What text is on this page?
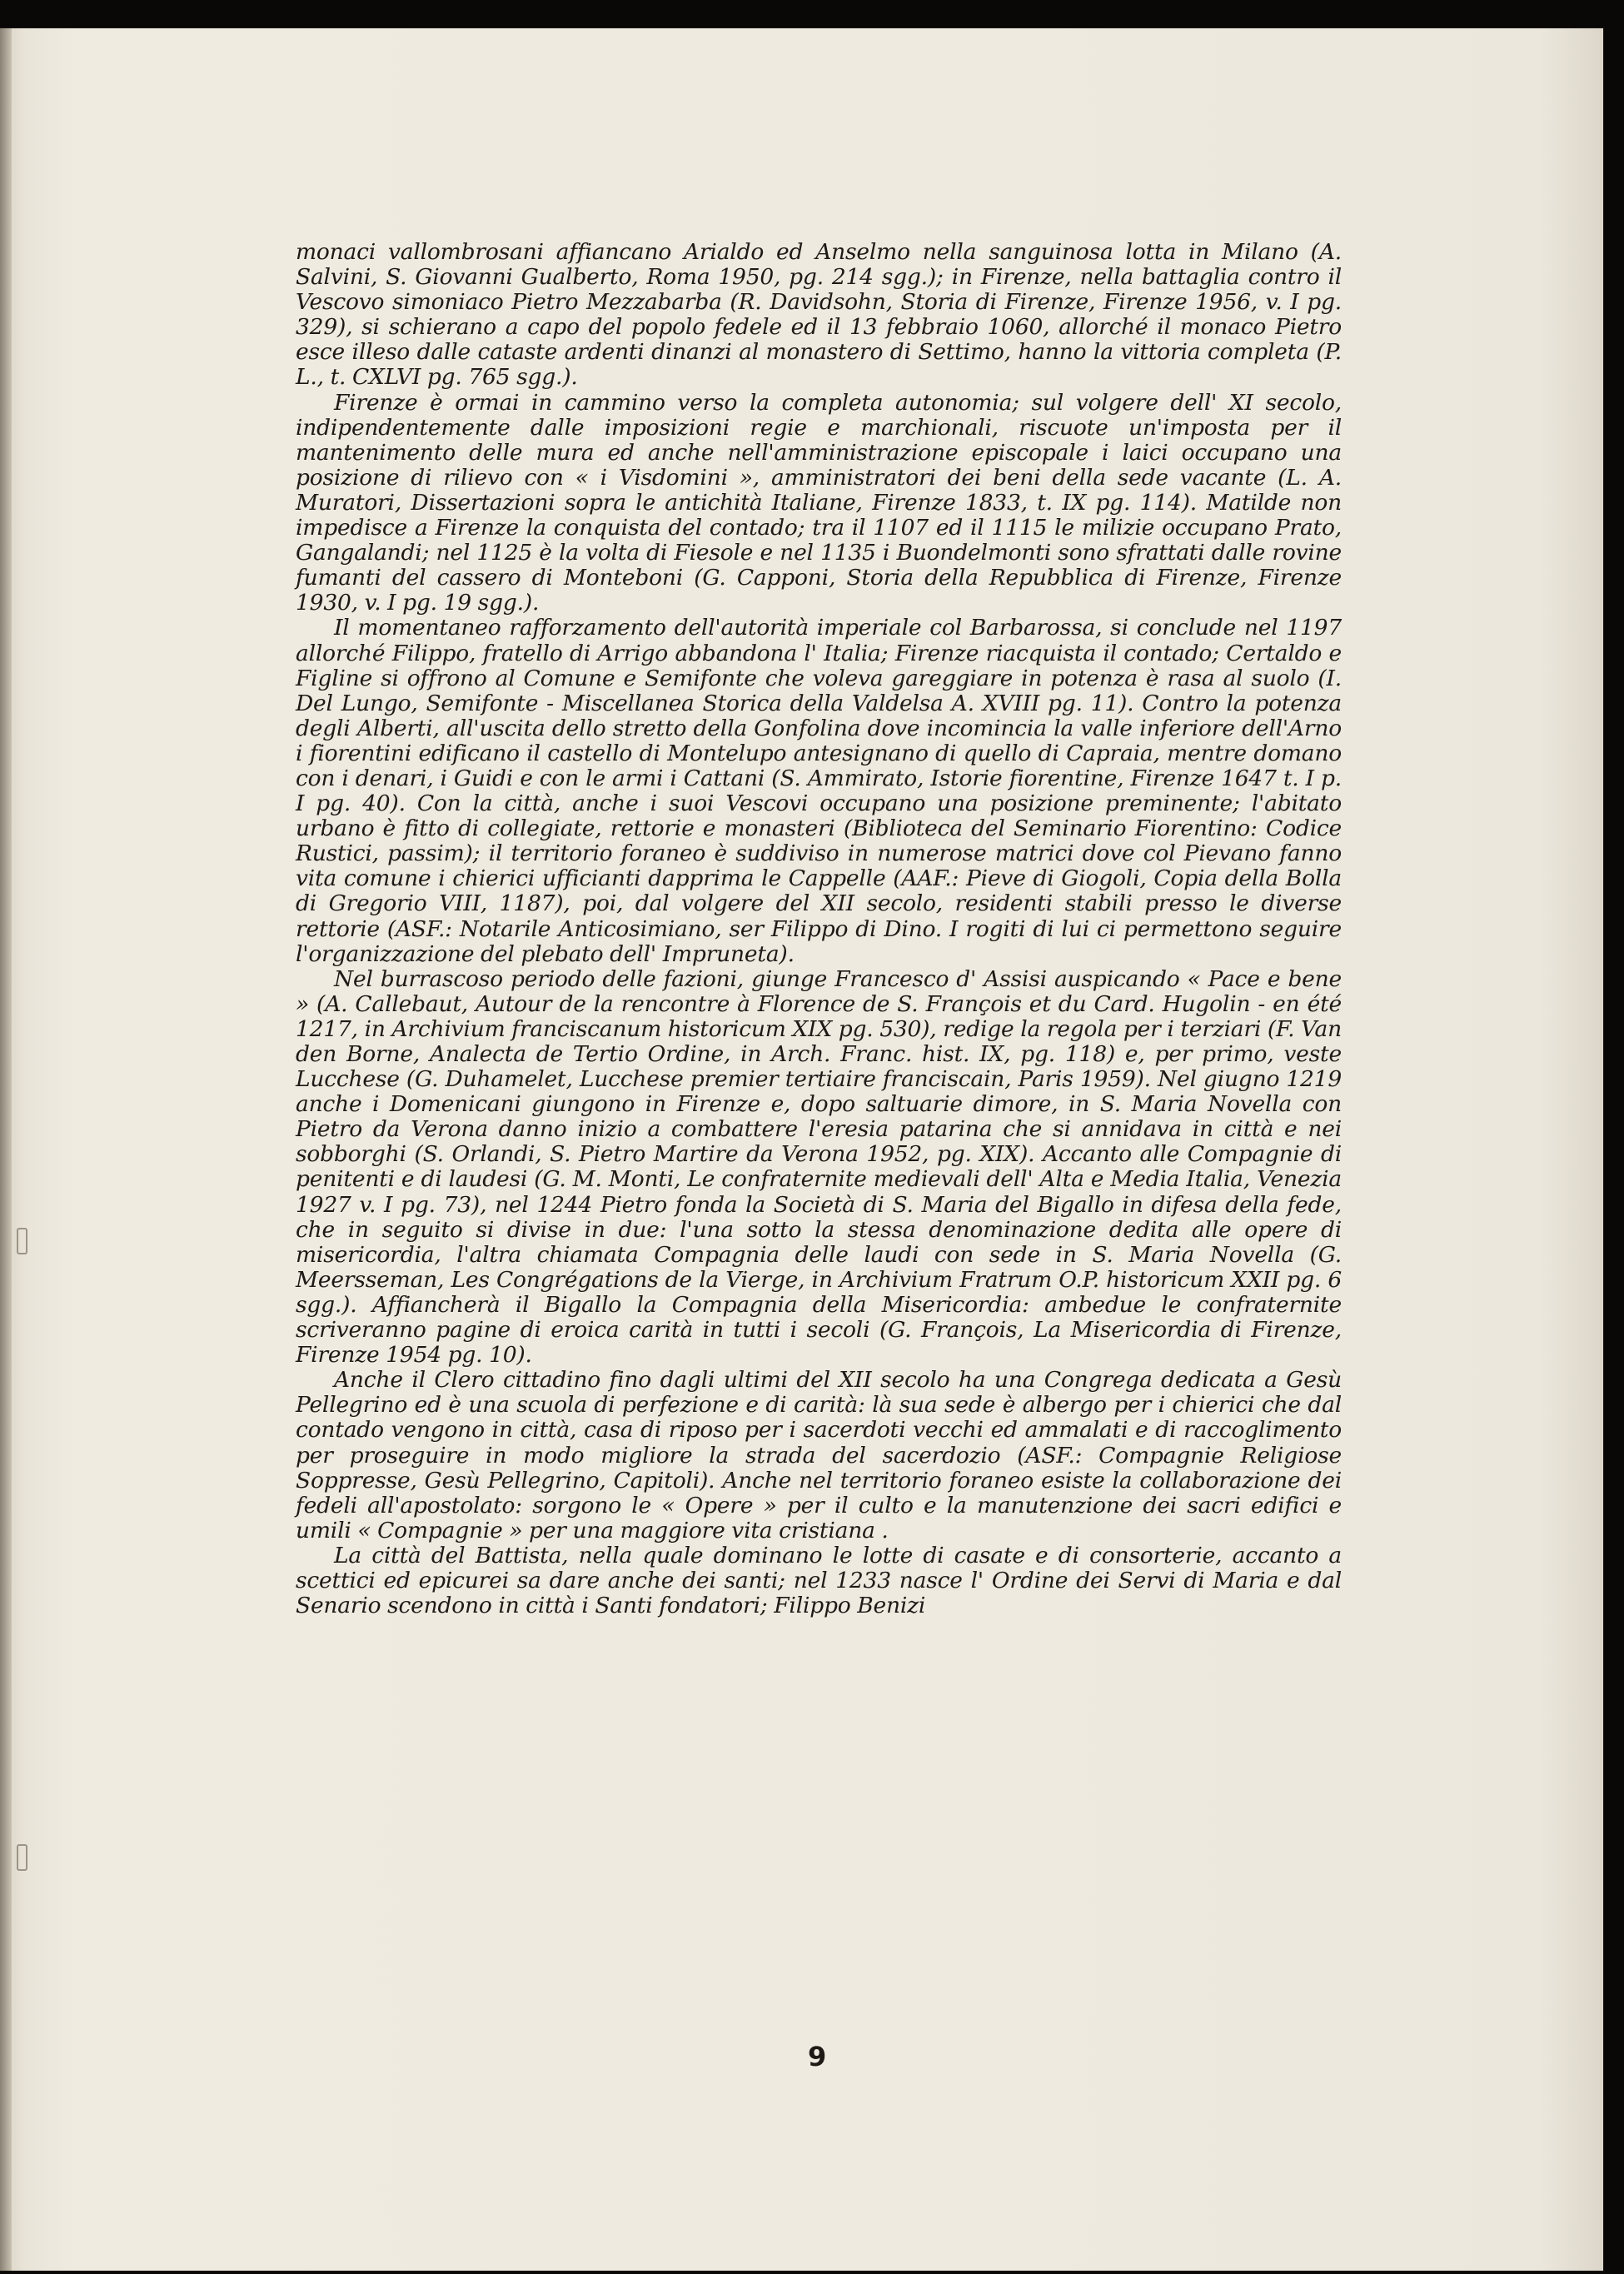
monaci vallombrosani affiancano Arialdo ed Anselmo nella sanguinosa lotta in Milano (A. Salvini, S. Giovanni Gualberto, Roma 1950, pg. 214 sgg.); in Firenze, nella battaglia contro il Vescovo simoniaco Pietro Mezzabarba (R. Davidsohn, Storia di Firenze, Firenze 1956, v. I pg. 329), si schierano a capo del popolo fedele ed il 13 febbraio 1060, allorché il monaco Pietro esce illeso dalle cataste ardenti dinanzi al monastero di Settimo, hanno la vittoria completa (P. L., t. CXLVI pg. 765 sgg.).

Firenze è ormai in cammino verso la completa autonomia; sul volgere dell' XI secolo, indipendentemente dalle imposizioni regie e marchionali, riscuote un'imposta per il mantenimento delle mura ed anche nell'amministrazione episcopale i laici occupano una posizione di rilievo con « i Visdomini », amministratori dei beni della sede vacante (L. A. Muratori, Dissertazioni sopra le antichità Italiane, Firenze 1833, t. IX pg. 114). Matilde non impedisce a Firenze la conquista del contado; tra il 1107 ed il 1115 le milizie occupano Prato, Gangalandi; nel 1125 è la volta di Fiesole e nel 1135 i Buondelmonti sono sfrattati dalle rovine fumanti del cassero di Monteboni (G. Capponi, Storia della Repubblica di Firenze, Firenze 1930, v. I pg. 19 sgg.).

Il momentaneo rafforzamento dell'autorità imperiale col Barbarossa, si conclude nel 1197 allorché Filippo, fratello di Arrigo abbandona l' Italia; Firenze riacquista il contado; Certaldo e Figline si offrono al Comune e Semifonte che voleva gareggiare in potenza è rasa al suolo (I. Del Lungo, Semifonte - Miscellanea Storica della Valdelsa A. XVIII pg. 11). Contro la potenza degli Alberti, all'uscita dello stretto della Gonfolina dove incomincia la valle inferiore dell'Arno i fiorentini edificano il castello di Montelupo antesignano di quello di Capraia, mentre domano con i denari, i Guidi e con le armi i Cattani (S. Ammirato, Istorie fiorentine, Firenze 1647 t. I p. I pg. 40). Con la città, anche i suoi Vescovi occupano una posizione preminente; l'abitato urbano è fitto di collegiate, rettorie e monasteri (Biblioteca del Seminario Fiorentino: Codice Rustici, passim); il territorio foraneo è suddiviso in numerose matrici dove col Pievano fanno vita comune i chierici ufficianti dapprima le Cappelle (AAF.: Pieve di Giogoli, Copia della Bolla di Gregorio VIII, 1187), poi, dal volgere del XII secolo, residenti stabili presso le diverse rettorie (ASF.: Notarile Anticosimiano, ser Filippo di Dino. I rogiti di lui ci permettono seguire l'organizzazione del plebato dell' Impruneta).

Nel burrascoso periodo delle fazioni, giunge Francesco d' Assisi auspicando « Pace e bene » (A. Callebaut, Autour de la rencontre à Florence de S. François et du Card. Hugolin - en été 1217, in Archivium franciscanum historicum XIX pg. 530), redige la regola per i terziari (F. Van den Borne, Analecta de Tertio Ordine, in Arch. Franc. hist. IX, pg. 118) e, per primo, veste Lucchese (G. Duhamelet, Lucchese premier tertiaire franciscain, Paris 1959). Nel giugno 1219 anche i Domenicani giungono in Firenze e, dopo saltuarie dimore, in S. Maria Novella con Pietro da Verona danno inizio a combattere l'eresia patarina che si annidava in città e nei sobborghi (S. Orlandi, S. Pietro Martire da Verona 1952, pg. XIX). Accanto alle Compagnie di penitenti e di laudesi (G. M. Monti, Le confraternite medievali dell' Alta e Media Italia, Venezia 1927 v. I pg. 73), nel 1244 Pietro fonda la Società di S. Maria del Bigallo in difesa della fede, che in seguito si divise in due: l'una sotto la stessa denominazione dedita alle opere di misericordia, l'altra chiamata Compagnia delle laudi con sede in S. Maria Novella (G. Meersseman, Les Congrégations de la Vierge, in Archivium Fratrum O.P. historicum XXII pg. 6 sgg.). Affiancherà il Bigallo la Compagnia della Misericordia: ambedue le confraternite scriveranno pagine di eroica carità in tutti i secoli (G. François, La Misericordia di Firenze, Firenze 1954 pg. 10).

Anche il Clero cittadino fino dagli ultimi del XII secolo ha una Congrega dedicata a Gesù Pellegrino ed è una scuola di perfezione e di carità: là sua sede è albergo per i chierici che dal contado vengono in città, casa di riposo per i sacerdoti vecchi ed ammalati e di raccoglimento per proseguire in modo migliore la strada del sacerdozio (ASF.: Compagnie Religiose Soppresse, Gesù Pellegrino, Capitoli). Anche nel territorio foraneo esiste la collaborazione dei fedeli all'apostolato: sorgono le « Opere » per il culto e la manutenzione dei sacri edifici e umili « Compagnie » per una maggiore vita cristiana .

La città del Battista, nella quale dominano le lotte di casate e di consorterie, accanto a scettici ed epicurei sa dare anche dei santi; nel 1233 nasce l' Ordine dei Servi di Maria e dal Senario scendono in città i Santi fondatori; Filippo Benizi

9
